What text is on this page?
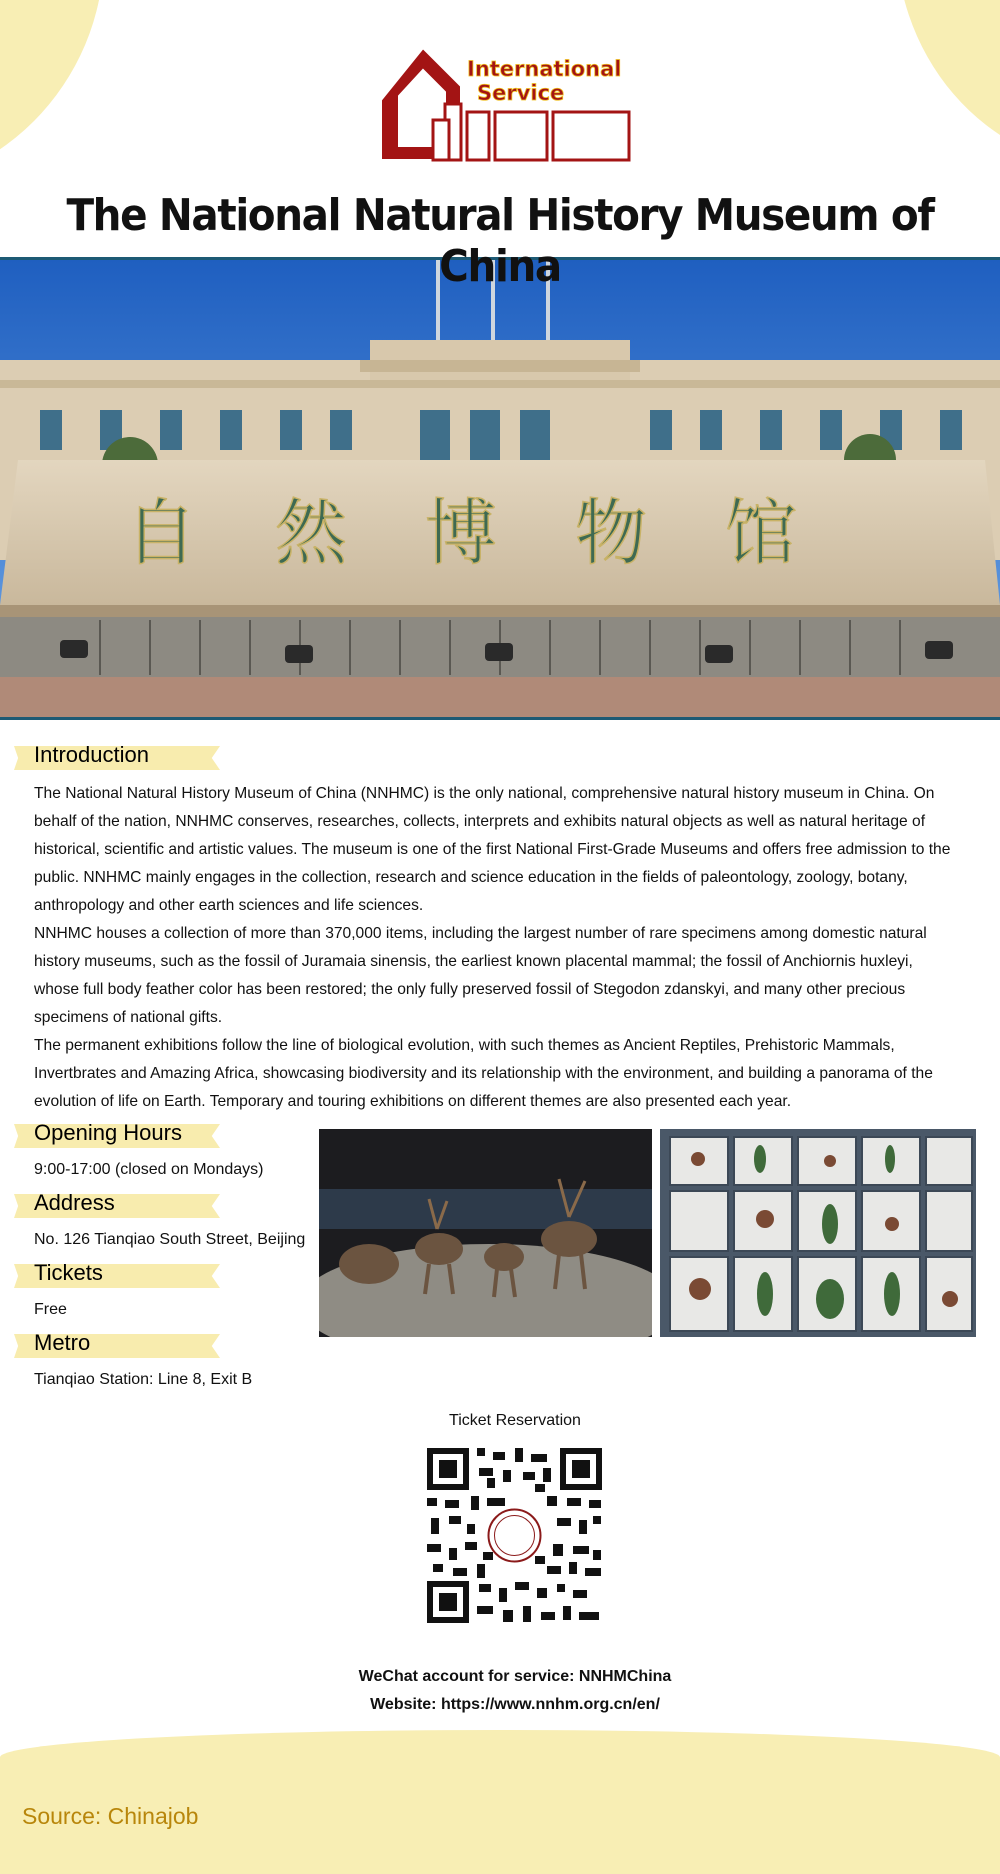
International
Service
The National Natural History Museum of China
自然博物馆
Introduction

The National Natural History Museum of China (NNHMC) is the only national, comprehensive natural history museum in China. On behalf of the nation, NNHMC conserves, researches, collects, interprets and exhibits natural objects as well as natural heritage of historical, scientific and artistic values. The museum is one of the first National First-Grade Museums and offers free admission to the public. NNHMC mainly engages in the collection, research and science education in the fields of paleontology, zoology, botany, anthropology and other earth sciences and life sciences.

NNHMC houses a collection of more than 370,000 items, including the largest number of rare specimens among domestic natural history museums, such as the fossil of Juramaia sinensis, the earliest known placental mammal; the fossil of Anchiornis huxleyi, whose full body feather color has been restored; the only fully preserved fossil of Stegodon zdanskyi, and many other precious specimens of national gifts.

The permanent exhibitions follow the line of biological evolution, with such themes as Ancient Reptiles, Prehistoric Mammals, Invertbrates and Amazing Africa, showcasing biodiversity and its relationship with the environment, and building a panorama of the evolution of life on Earth. Temporary and touring exhibitions on different themes are also presented each year.

Opening Hours
9:00-17:00 (closed on Mondays)
Address
No. 126 Tianqiao South Street, Beijing
Tickets
Free
Metro
Tianqiao Station: Line 8, Exit B
Ticket Reservation
WeChat account for service: NNHMChina
Website: https://www.nnhm.org.cn/en/
Source: Chinajob
